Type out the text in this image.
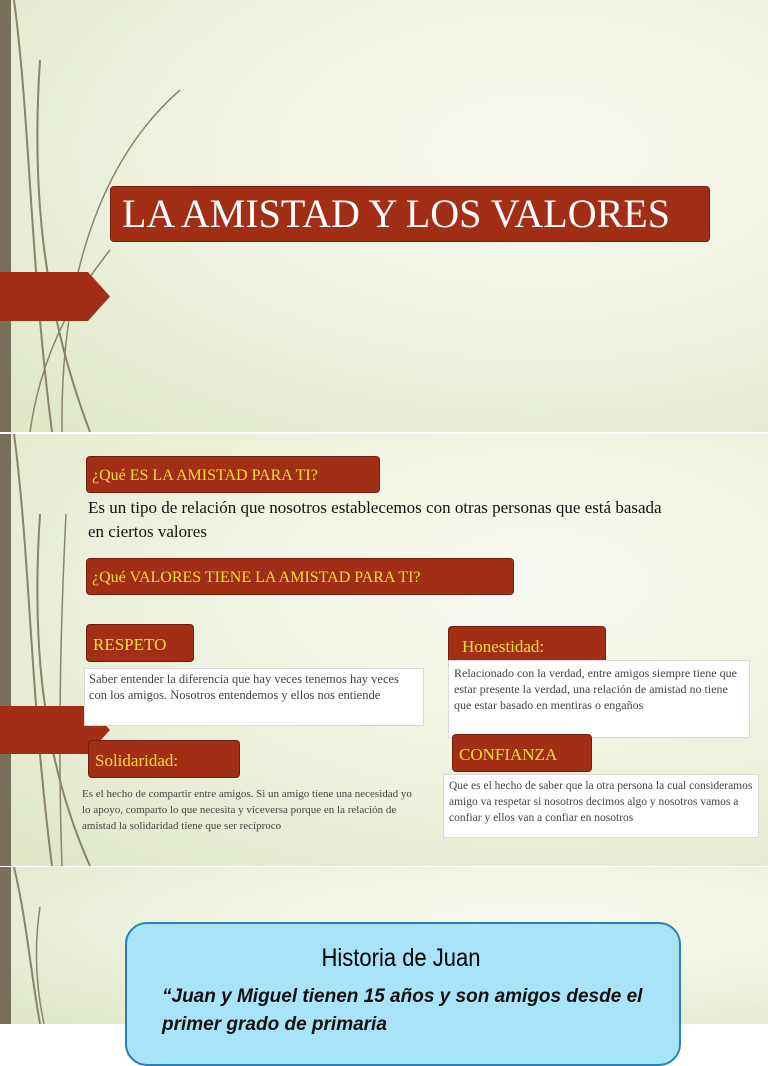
LA AMISTAD Y LOS VALORES
¿Qué ES LA AMISTAD PARA TI?
Es un tipo de relación que nosotros establecemos con otras personas que está basada en ciertos valores
¿Qué VALORES TIENE LA AMISTAD PARA TI?
RESPETO
Saber entender la diferencia que hay veces tenemos hay veces con los amigos. Nosotros entendemos y ellos nos entiende
Honestidad:
Relacionado con la verdad, entre amigos siempre tiene que estar presente la verdad, una relación de amistad no tiene que estar basado en mentiras o engaños
Solidaridad:
Es el hecho de compartir entre amigos. Si un amigo tiene una necesidad yo lo apoyo, comparto lo que necesita y viceversa porque en la relación de amistad la solidaridad tiene que ser recíproco
CONFIANZA
Que es el hecho de saber que la otra persona la cual consideramos amigo va respetar si nosotros decimos algo y nosotros vamos a confiar y ellos van a confiar en nosotros
Historia de Juan
“Juan y Miguel tienen 15 años y son amigos desde el primer grado de primaria
